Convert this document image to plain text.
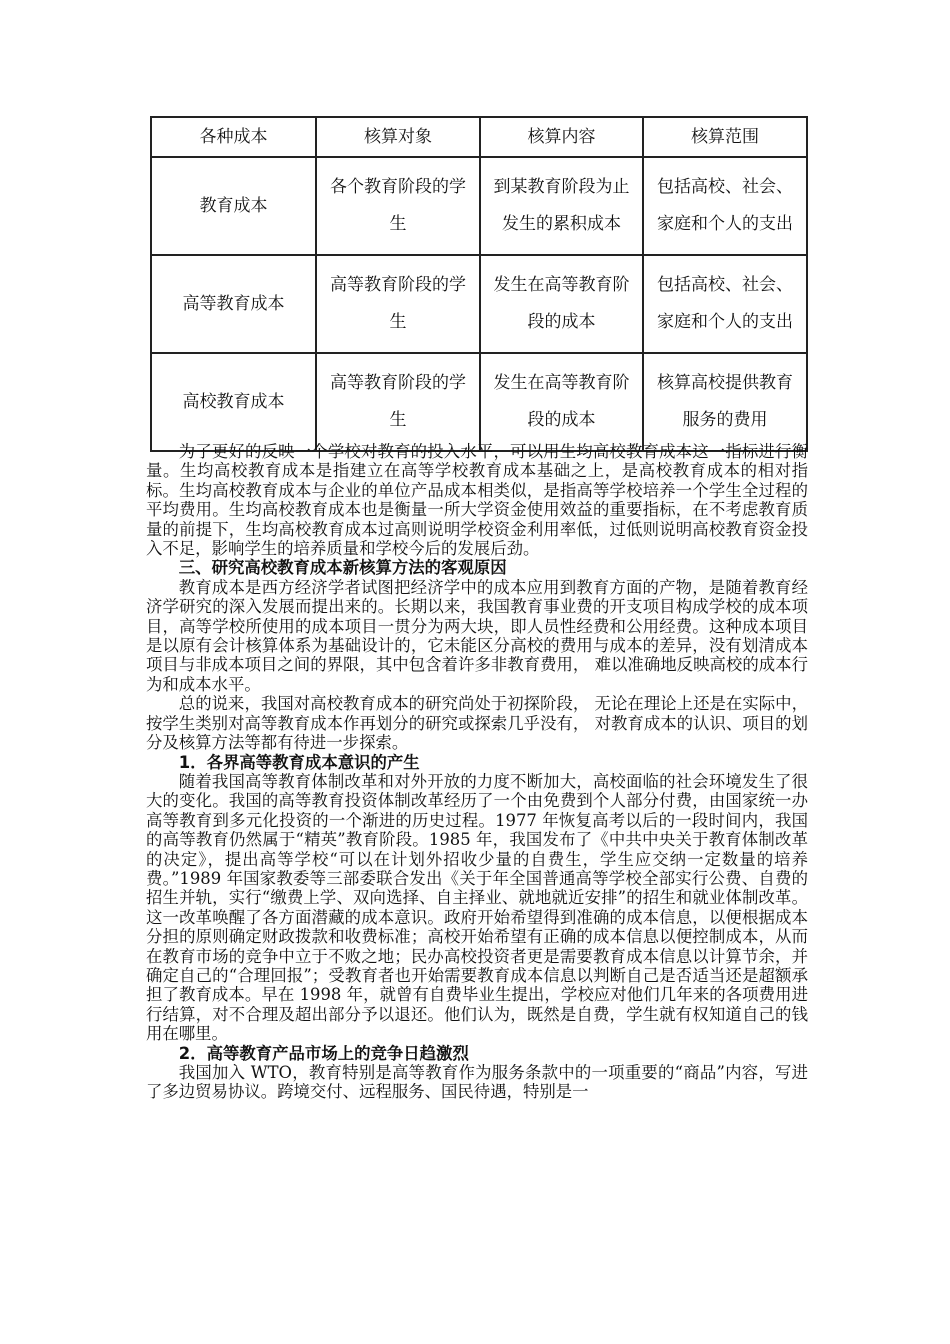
各种成本	核算对象	核算内容	核算范围
教育成本	各个教育阶段的学生	到某教育阶段为止发生的累积成本	包括高校、社会、家庭和个人的支出
高等教育成本	高等教育阶段的学生	发生在高等教育阶段的成本	包括高校、社会、家庭和个人的支出
高校教育成本	高等教育阶段的学生	发生在高等教育阶段的成本	核算高校提供教育服务的费用

为了更好的反映一个学校对教育的投入水平，可以用生均高校教育成本这一指标进行衡量。生均高校教育成本是指建立在高等学校教育成本基础之上，是高校教育成本的相对指标。生均高校教育成本与企业的单位产品成本相类似，是指高等学校培养一个学生全过程的平均费用。生均高校教育成本也是衡量一所大学资金使用效益的重要指标，在不考虑教育质量的前提下，生均高校教育成本过高则说明学校资金利用率低，过低则说明高校教育资金投入不足，影响学生的培养质量和学校今后的发展后劲。

三、研究高校教育成本新核算方法的客观原因

教育成本是西方经济学者试图把经济学中的成本应用到教育方面的产物，是随着教育经济学研究的深入发展而提出来的。长期以来，我国教育事业费的开支项目构成学校的成本项目，高等学校所使用的成本项目一贯分为两大块，即人员性经费和公用经费。这种成本项目是以原有会计核算体系为基础设计的，它未能区分高校的费用与成本的差异，没有划清成本项目与非成本项目之间的界限，其中包含着许多非教育费用， 难以准确地反映高校的成本行为和成本水平。

总的说来，我国对高校教育成本的研究尚处于初探阶段， 无论在理论上还是在实际中，按学生类别对高等教育成本作再划分的研究或探索几乎没有， 对教育成本的认识、项目的划分及核算方法等都有待进一步探索。

1．各界高等教育成本意识的产生

随着我国高等教育体制改革和对外开放的力度不断加大，高校面临的社会环境发生了很大的变化。我国的高等教育投资体制改革经历了一个由免费到个人部分付费，由国家统一办高等教育到多元化投资的一个渐进的历史过程。1977 年恢复高考以后的一段时间内，我国的高等教育仍然属于“精英”教育阶段。1985 年，我国发布了《中共中央关于教育体制改革的决定》，提出高等学校“可以在计划外招收少量的自费生，学生应交纳一定数量的培养费。”1989 年国家教委等三部委联合发出《关于年全国普通高等学校全部实行公费、自费的招生并轨，实行“缴费上学、双向选择、自主择业、就地就近安排”的招生和就业体制改革。这一改革唤醒了各方面潜藏的成本意识。政府开始希望得到准确的成本信息，以便根据成本分担的原则确定财政拨款和收费标准；高校开始希望有正确的成本信息以便控制成本，从而在教育市场的竞争中立于不败之地；民办高校投资者更是需要教育成本信息以计算节余，并确定自己的“合理回报”；受教育者也开始需要教育成本信息以判断自己是否适当还是超额承担了教育成本。早在 1998 年，就曾有自费毕业生提出，学校应对他们几年来的各项费用进行结算，对不合理及超出部分予以退还。他们认为，既然是自费，学生就有权知道自己的钱用在哪里。

2．高等教育产品市场上的竞争日趋激烈

我国加入 WTO，教育特别是高等教育作为服务条款中的一项重要的“商品”内容，写进了多边贸易协议。跨境交付、远程服务、国民待遇，特别是一
